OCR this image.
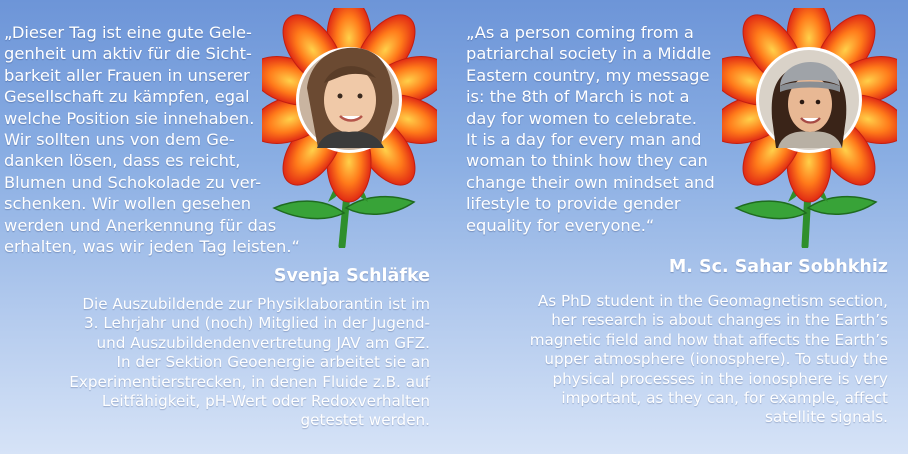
„Dieser Tag ist eine gute Gele-
genheit um aktiv für die Sicht-
barkeit aller Frauen in unserer
Gesellschaft zu kämpfen, egal
welche Position sie innehaben.
Wir sollten uns von dem Ge-
danken lösen, dass es reicht,
Blumen und Schokolade zu ver-
schenken. Wir wollen gesehen
werden und Anerkennung für das
erhalten, was wir jeden Tag leisten.“

Svenja Schläfke

Die Auszubildende zur Physiklaborantin ist im
3. Lehrjahr und (noch) Mitglied in der Jugend-
und Auszubildendenvertretung JAV am GFZ.
In der Sektion Geoenergie arbeitet sie an
Experimentierstrecken, in denen Fluide z.B. auf
Leitfähigkeit, pH-Wert oder Redoxverhalten
getestet werden.

„As a person coming from a
patriarchal society in a Middle
Eastern country, my message
is: the 8th of March is not a
day for women to celebrate.
It is a day for every man and
woman to think how they can
change their own mindset and
lifestyle to provide gender
equality for everyone.“

M. Sc. Sahar Sobhkhiz

As PhD student in the Geomagnetism section,
her research is about changes in the Earth’s
magnetic field and how that affects the Earth’s
upper atmosphere (ionosphere). To study the
physical processes in the ionosphere is very
important, as they can, for example, affect
satellite signals.
